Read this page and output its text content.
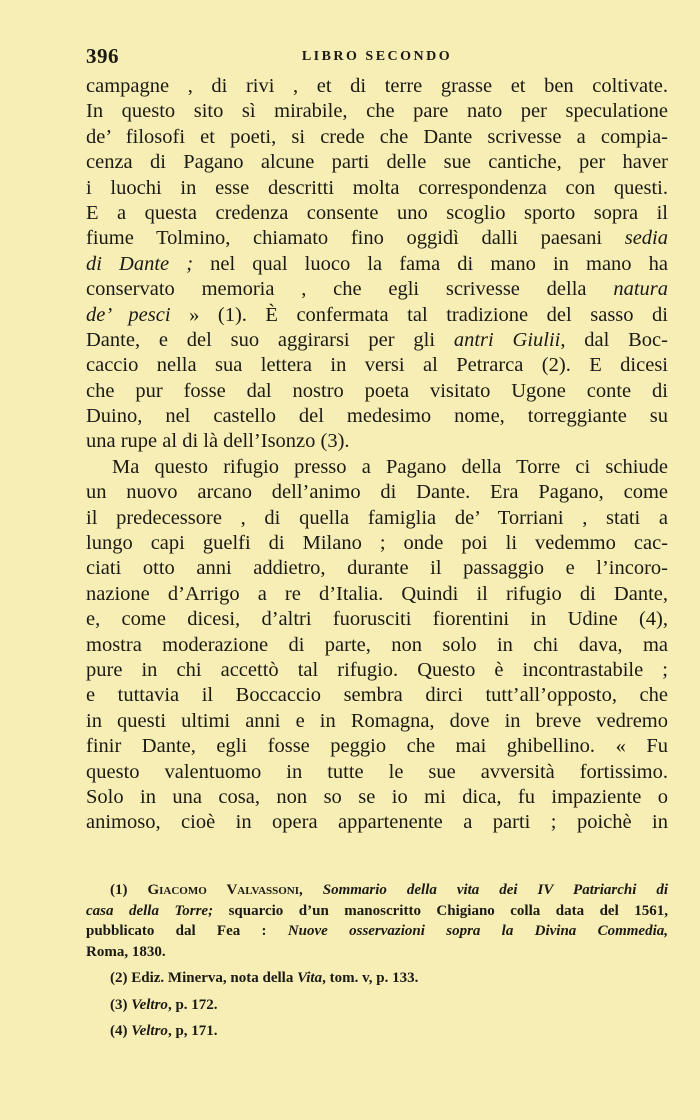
396	LIBRO SECONDO
campagne , di rivi , et di terre grasse et ben coltivate.
In questo sito sì mirabile, che pare nato per speculatione
de’ filosofi et poeti, si crede che Dante scrivesse a compia-
cenza di Pagano alcune parti delle sue cantiche, per haver
i luochi in esse descritti molta correspondenza con questi.
E a questa credenza consente uno scoglio sporto sopra il
fiume Tolmino, chiamato fino oggidì dalli paesani sedia
di Dante ; nel qual luoco la fama di mano in mano ha
conservato memoria , che egli scrivesse della natura
de’ pesci » (1). È confermata tal tradizione del sasso di
Dante, e del suo aggirarsi per gli antri Giulii, dal Boc-
caccio nella sua lettera in versi al Petrarca (2). E dicesi
che pur fosse dal nostro poeta visitato Ugone conte di
Duino, nel castello del medesimo nome, torreggiante su
una rupe al di là dell’Isonzo (3).
Ma questo rifugio presso a Pagano della Torre ci schiude
un nuovo arcano dell’animo di Dante. Era Pagano, come
il predecessore , di quella famiglia de’ Torriani , stati a
lungo capi guelfi di Milano ; onde poi li vedemmo cac-
ciati otto anni addietro, durante il passaggio e l’incoro-
nazione d’Arrigo a re d’Italia. Quindi il rifugio di Dante,
e, come dicesi, d’altri fuorusciti fiorentini in Udine (4),
mostra moderazione di parte, non solo in chi dava, ma
pure in chi accettò tal rifugio. Questo è incontrastabile ;
e tuttavia il Boccaccio sembra dirci tutt’all’opposto, che
in questi ultimi anni e in Romagna, dove in breve vedremo
finir Dante, egli fosse peggio che mai ghibellino. « Fu
questo valentuomo in tutte le sue avversità fortissimo.
Solo in una cosa, non so se io mi dica, fu impaziente o
animoso, cioè in opera appartenente a parti ; poichè in
(1) Giacomo Valvassoni, Sommario della vita dei IV Patriarchi di
casa della Torre; squarcio d’un manoscritto Chigiano colla data del 1561,
pubblicato dal Fea : Nuove osservazioni sopra la Divina Commedia,
Roma, 1830.
(2) Ediz. Minerva, nota della Vita, tom. v, p. 133.
(3) Veltro, p. 172.
(4) Veltro, p, 171.
